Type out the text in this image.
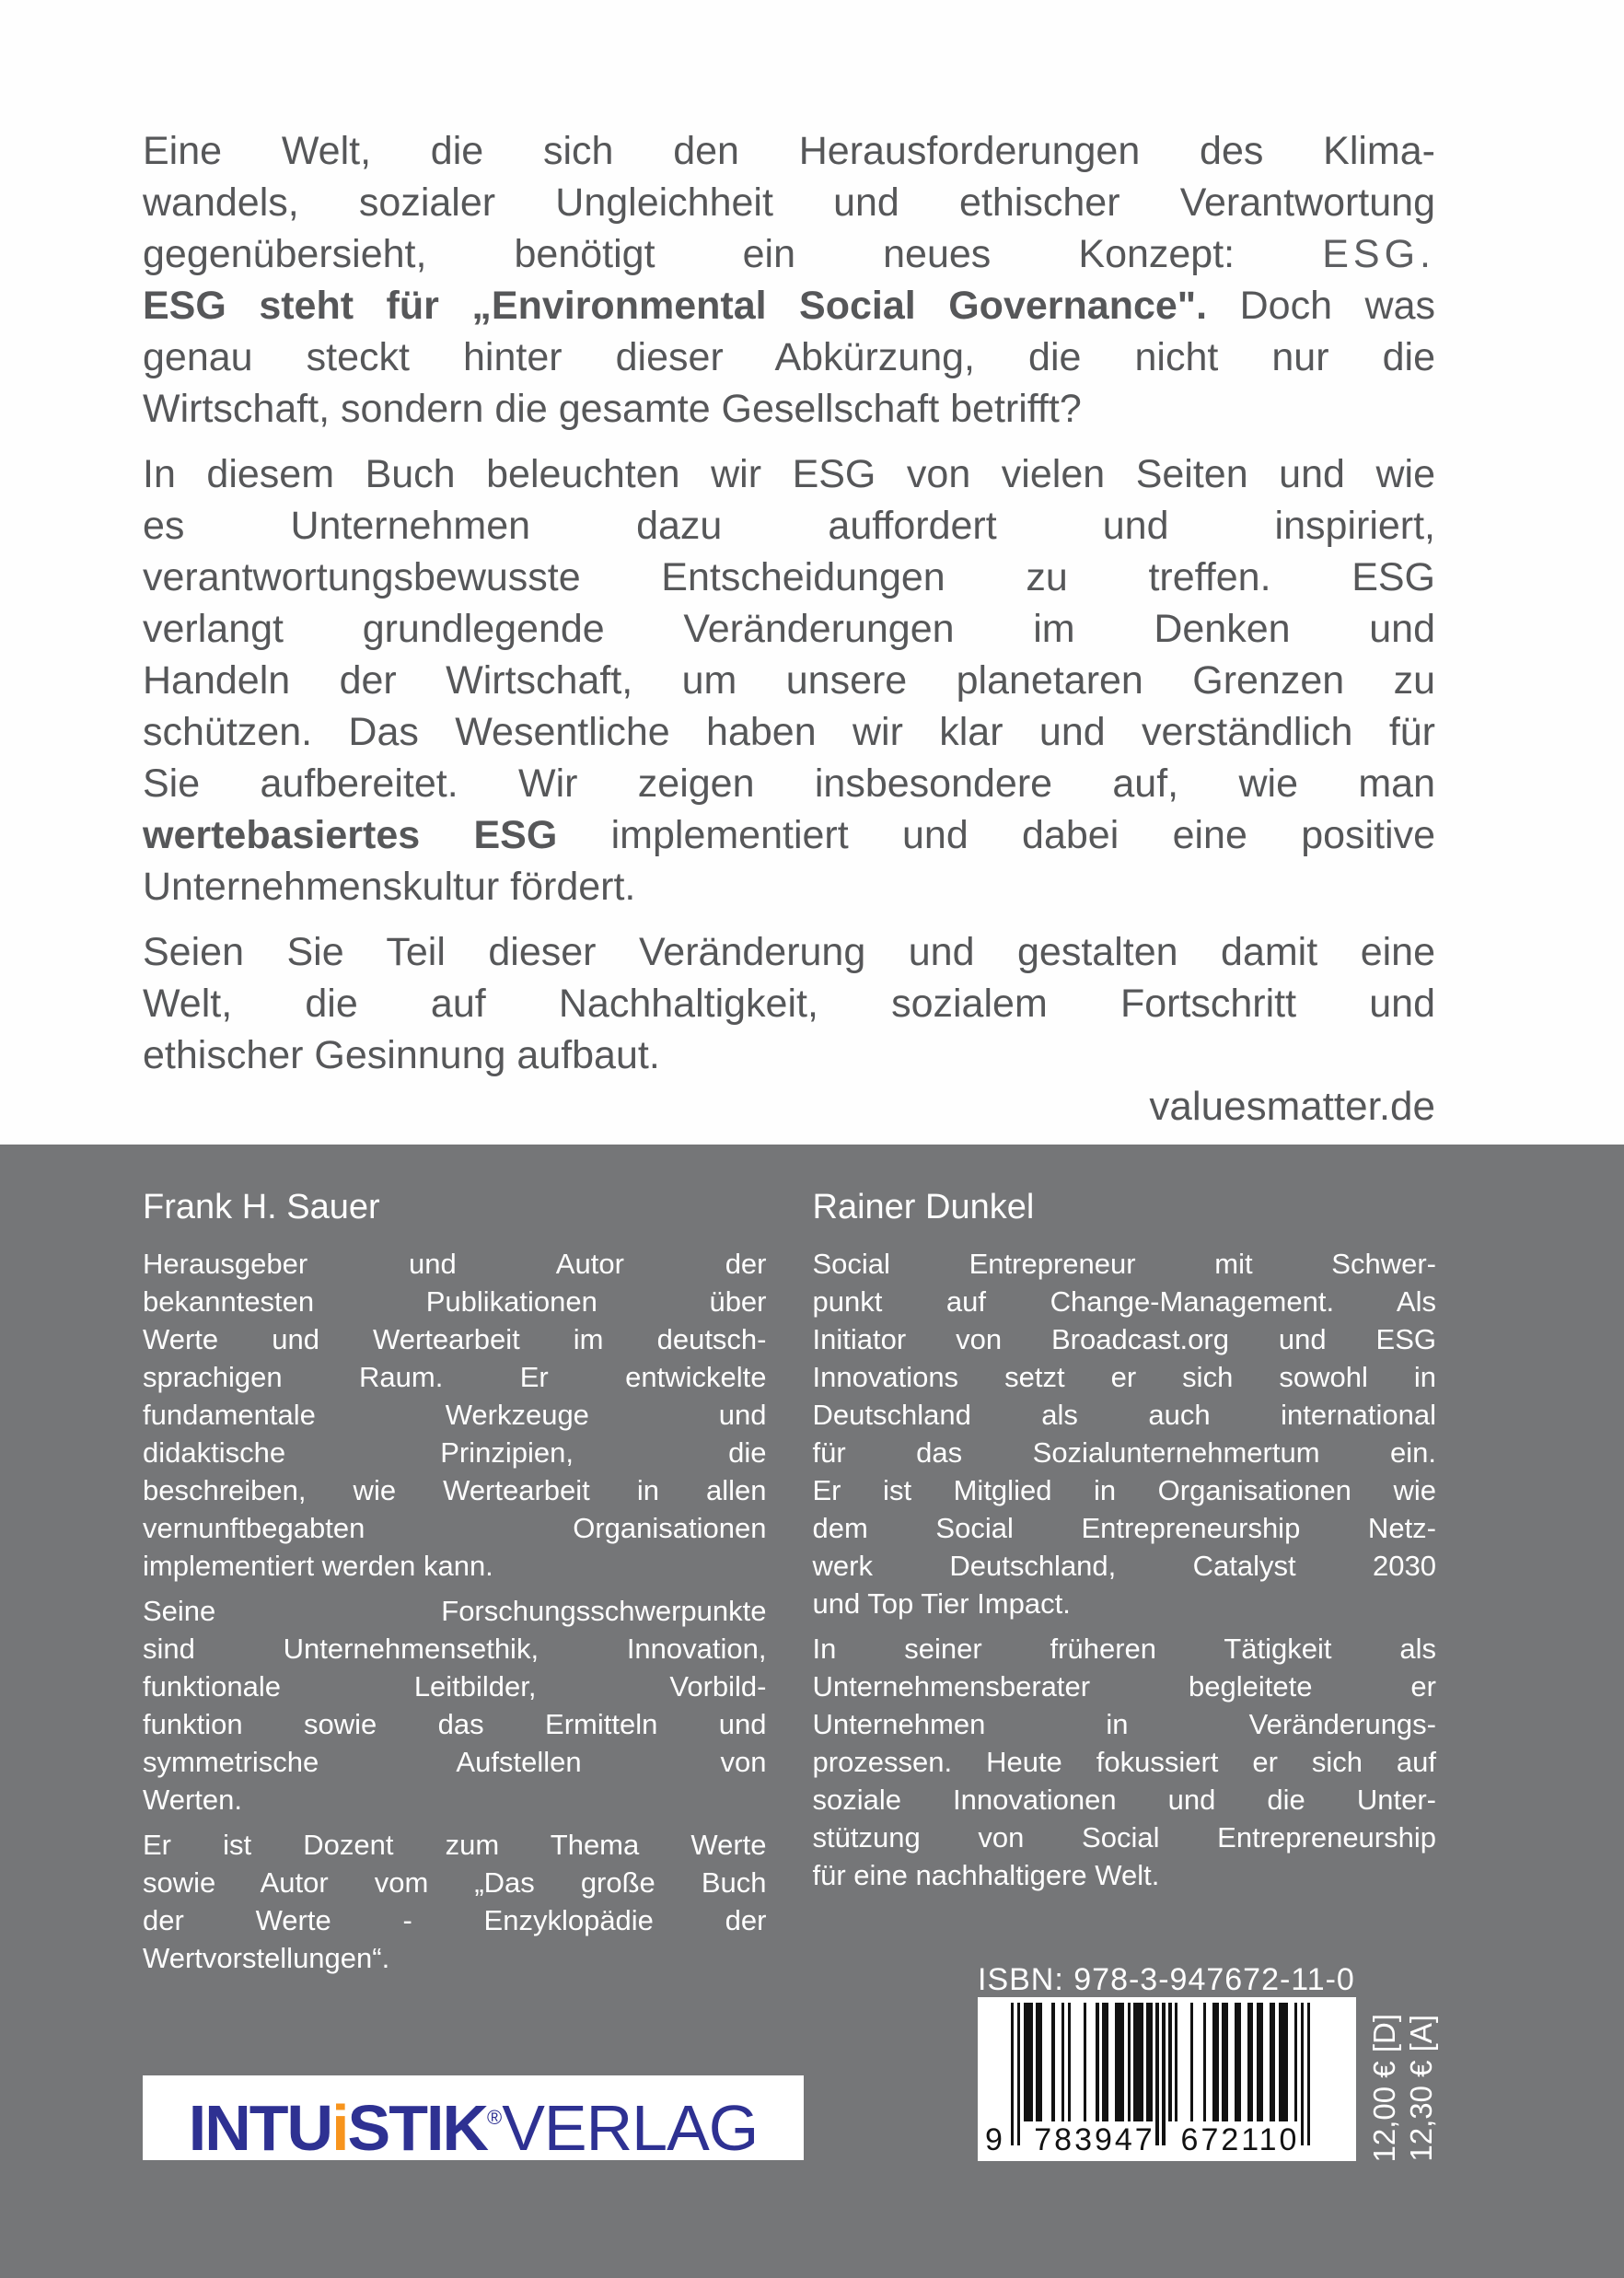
Eine Welt, die sich den Herausforderungen des Klima-
wandels, sozialer Ungleichheit und ethischer Verantwortung
gegenübersieht, benötigt ein neues Konzept: ESG.
ESG steht für „Environmental Social Governance". Doch was
genau steckt hinter dieser Abkürzung, die nicht nur die
Wirtschaft, sondern die gesamte Gesellschaft betrifft?
In diesem Buch beleuchten wir ESG von vielen Seiten und wie
es Unternehmen dazu auffordert und inspiriert,
verantwortungsbewusste Entscheidungen zu treffen. ESG
verlangt grundlegende Veränderungen im Denken und
Handeln der Wirtschaft, um unsere planetaren Grenzen zu
schützen. Das Wesentliche haben wir klar und verständlich für
Sie aufbereitet. Wir zeigen insbesondere auf, wie man
wertebasiertes ESG implementiert und dabei eine positive
Unternehmenskultur fördert.
Seien Sie Teil dieser Veränderung und gestalten damit eine
Welt, die auf Nachhaltigkeit, sozialem Fortschritt und
ethischer Gesinnung aufbaut.
valuesmatter.de
Frank H. Sauer
Herausgeber und Autor der
bekanntesten Publikationen über
Werte und Wertearbeit im deutsch-
sprachigen Raum. Er entwickelte
fundamentale Werkzeuge und
didaktische Prinzipien, die
beschreiben, wie Wertearbeit in allen
vernunftbegabten Organisationen
implementiert werden kann.
Seine Forschungsschwerpunkte
sind Unternehmensethik, Innovation,
funktionale Leitbilder, Vorbild-
funktion sowie das Ermitteln und
symmetrische Aufstellen von
Werten.
Er ist Dozent zum Thema Werte
sowie Autor vom „Das große Buch
der Werte - Enzyklopädie der
Wertvorstellungen“.
Rainer Dunkel
Social Entrepreneur mit Schwer-
punkt auf Change-Management. Als
Initiator von Broadcast.org und ESG
Innovations setzt er sich sowohl in
Deutschland als auch international
für das Sozialunternehmertum ein.
Er ist Mitglied in Organisationen wie
dem Social Entrepreneurship Netz-
werk Deutschland, Catalyst 2030
und Top Tier Impact.
In seiner früheren Tätigkeit als
Unternehmensberater begleitete er
Unternehmen in Veränderungs-
prozessen. Heute fokussiert er sich auf
soziale Innovationen und die Unter-
stützung von Social Entrepreneurship
für eine nachhaltigere Welt.
ISBN: 978-3-947672-11-0
9 783947 672110	12,00 € [D] 12,30 € [A]
INTUiSTIK®VERLAG
